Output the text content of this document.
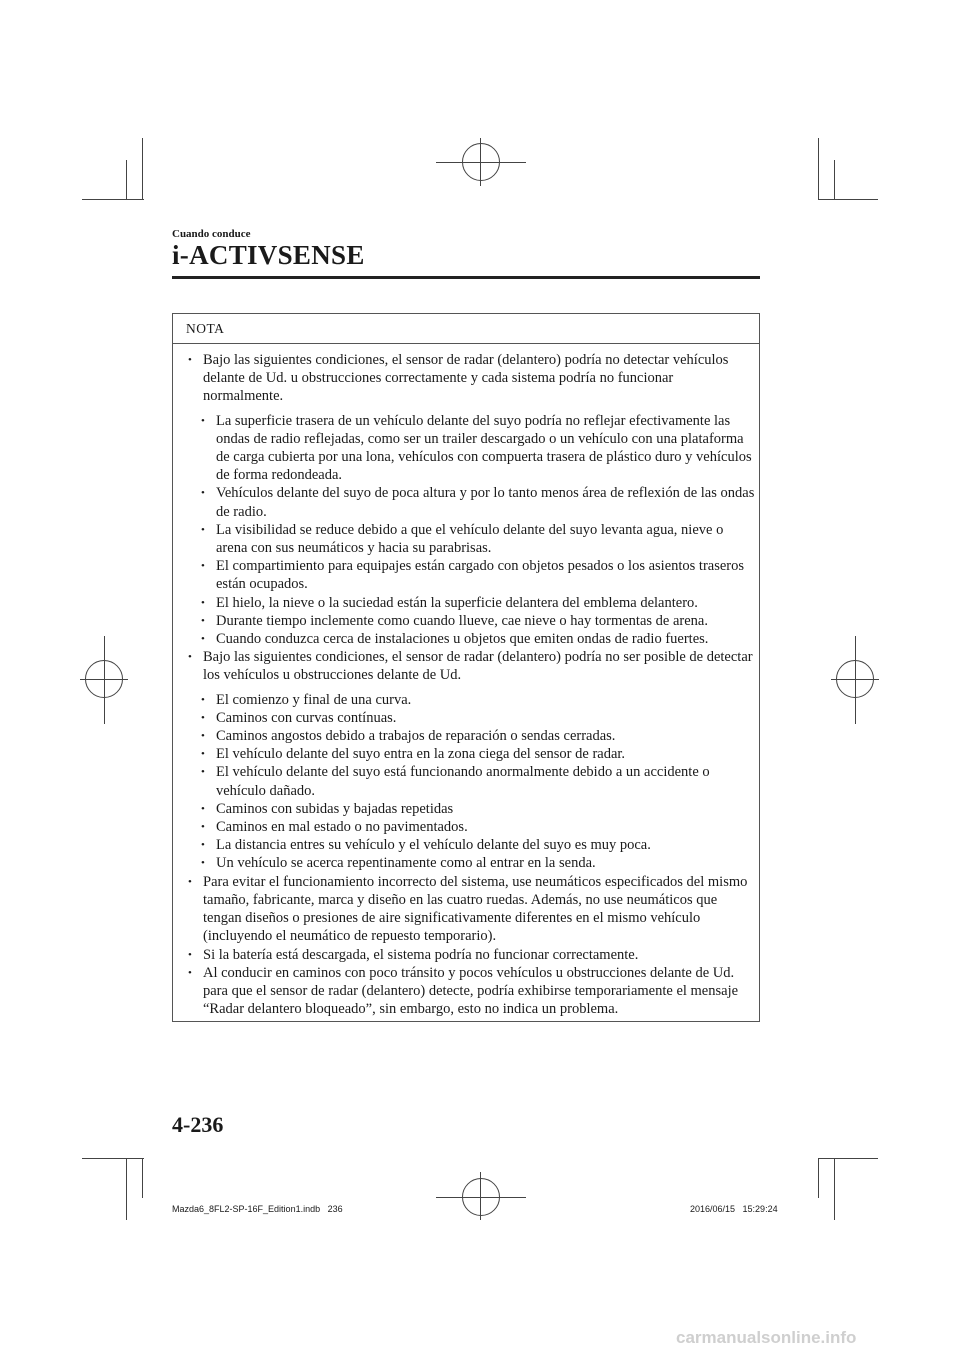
Cuando conduce
i-ACTIVSENSE
NOTA
• Bajo las siguientes condiciones, el sensor de radar (delantero) podría no detectar vehículos delante de Ud. u obstrucciones correctamente y cada sistema podría no funcionar normalmente.
• La superficie trasera de un vehículo delante del suyo podría no reflejar efectivamente las ondas de radio reflejadas, como ser un trailer descargado o un vehículo con una plataforma de carga cubierta por una lona, vehículos con compuerta trasera de plástico duro y vehículos de forma redondeada.
• Vehículos delante del suyo de poca altura y por lo tanto menos área de reflexión de las ondas de radio.
• La visibilidad se reduce debido a que el vehículo delante del suyo levanta agua, nieve o arena con sus neumáticos y hacia su parabrisas.
• El compartimiento para equipajes están cargado con objetos pesados o los asientos traseros están ocupados.
• El hielo, la nieve o la suciedad están la superficie delantera del emblema delantero.
• Durante tiempo inclemente como cuando llueve, cae nieve o hay tormentas de arena.
• Cuando conduzca cerca de instalaciones u objetos que emiten ondas de radio fuertes.
• Bajo las siguientes condiciones, el sensor de radar (delantero) podría no ser posible de detectar los vehículos u obstrucciones delante de Ud.
• El comienzo y final de una curva.
• Caminos con curvas contínuas.
• Caminos angostos debido a trabajos de reparación o sendas cerradas.
• El vehículo delante del suyo entra en la zona ciega del sensor de radar.
• El vehículo delante del suyo está funcionando anormalmente debido a un accidente o vehículo dañado.
• Caminos con subidas y bajadas repetidas
• Caminos en mal estado o no pavimentados.
• La distancia entres su vehículo y el vehículo delante del suyo es muy poca.
• Un vehículo se acerca repentinamente como al entrar en la senda.
• Para evitar el funcionamiento incorrecto del sistema, use neumáticos especificados del mismo tamaño, fabricante, marca y diseño en las cuatro ruedas. Además, no use neumáticos que tengan diseños o presiones de aire significativamente diferentes en el mismo vehículo (incluyendo el neumático de repuesto temporario).
• Si la batería está descargada, el sistema podría no funcionar correctamente.
• Al conducir en caminos con poco tránsito y pocos vehículos u obstrucciones delante de Ud. para que el sensor de radar (delantero) detecte, podría exhibirse temporariamente el mensaje “Radar delantero bloqueado”, sin embargo, esto no indica un problema.
4-236
Mazda6_8FL2-SP-16F_Edition1.indb   236	2016/06/15   15:29:24
carmanualsonline.info
